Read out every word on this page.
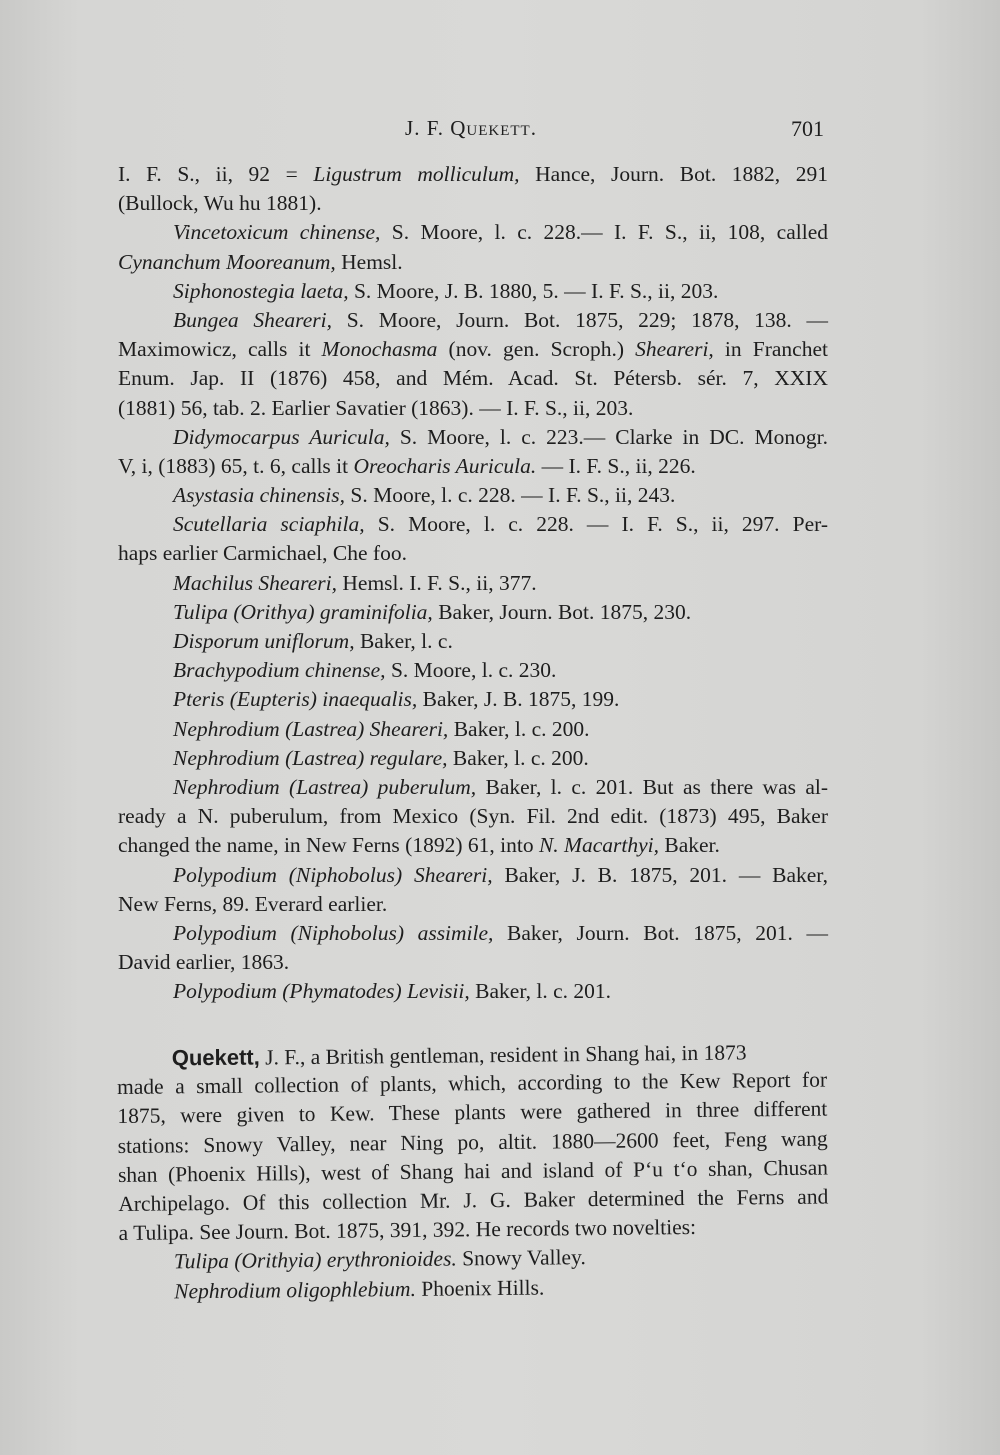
J. F. Quekett.	701
I. F. S., ii, 92 = Ligustrum molliculum, Hance, Journ. Bot. 1882, 291
(Bullock, Wu hu 1881).
Vincetoxicum chinense, S. Moore, l. c. 228.— I. F. S., ii, 108, called
Cynanchum Mooreanum, Hemsl.
Siphonostegia laeta, S. Moore, J. B. 1880, 5. — I. F. S., ii, 203.
Bungea Sheareri, S. Moore, Journ. Bot. 1875, 229; 1878, 138. —
Maximowicz, calls it Monochasma (nov. gen. Scroph.) Sheareri, in Franchet
Enum. Jap. II (1876) 458, and Mém. Acad. St. Pétersb. sér. 7, XXIX
(1881) 56, tab. 2. Earlier Savatier (1863). — I. F. S., ii, 203.
Didymocarpus Auricula, S. Moore, l. c. 223.— Clarke in DC. Monogr.
V, i, (1883) 65, t. 6, calls it Oreocharis Auricula. — I. F. S., ii, 226.
Asystasia chinensis, S. Moore, l. c. 228. — I. F. S., ii, 243.
Scutellaria sciaphila, S. Moore, l. c. 228. — I. F. S., ii, 297. Per-
haps earlier Carmichael, Che foo.
Machilus Sheareri, Hemsl. I. F. S., ii, 377.
Tulipa (Orithya) graminifolia, Baker, Journ. Bot. 1875, 230.
Disporum uniflorum, Baker, l. c.
Brachypodium chinense, S. Moore, l. c. 230.
Pteris (Eupteris) inaequalis, Baker, J. B. 1875, 199.
Nephrodium (Lastrea) Sheareri, Baker, l. c. 200.
Nephrodium (Lastrea) regulare, Baker, l. c. 200.
Nephrodium (Lastrea) puberulum, Baker, l. c. 201. But as there was al-
ready a N. puberulum, from Mexico (Syn. Fil. 2nd edit. (1873) 495, Baker
changed the name, in New Ferns (1892) 61, into N. Macarthyi, Baker.
Polypodium (Niphobolus) Sheareri, Baker, J. B. 1875, 201. — Baker,
New Ferns, 89. Everard earlier.
Polypodium (Niphobolus) assimile, Baker, Journ. Bot. 1875, 201. —
David earlier, 1863.
Polypodium (Phymatodes) Levisii, Baker, l. c. 201.
Quekett, J. F., a British gentleman, resident in Shang hai, in 1873
made a small collection of plants, which, according to the Kew Report for
1875, were given to Kew. These plants were gathered in three different
stations: Snowy Valley, near Ning po, altit. 1880—2600 feet, Feng wang
shan (Phoenix Hills), west of Shang hai and island of P‘u t‘o shan, Chusan
Archipelago. Of this collection Mr. J. G. Baker determined the Ferns and
a Tulipa. See Journ. Bot. 1875, 391, 392. He records two novelties:
Tulipa (Orithyia) erythronioides. Snowy Valley.
Nephrodium oligophlebium. Phoenix Hills.
